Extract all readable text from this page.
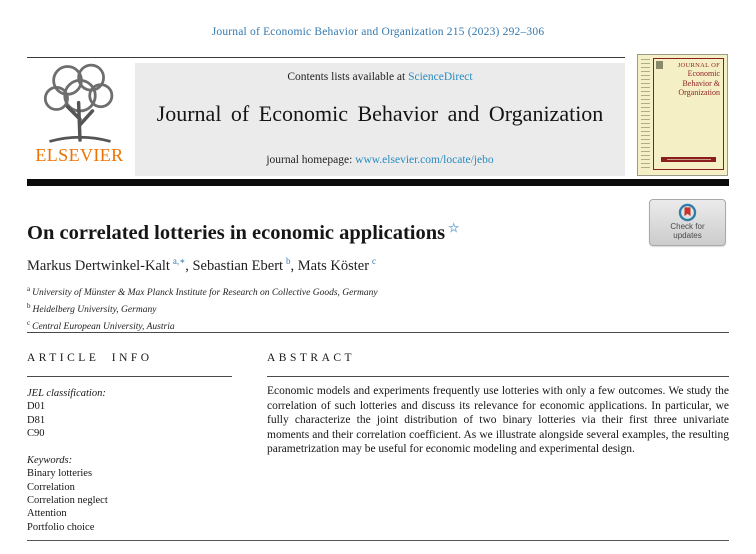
Journal of Economic Behavior and Organization 215 (2023) 292–306
ELSEVIER
Contents lists available at ScienceDirect
Journal of Economic Behavior and Organization
journal homepage: www.elsevier.com/locate/jebo
JOURNAL OF
Economic
Behavior &
Organization
Check for
updates
On correlated lotteries in economic applications ☆
Markus Dertwinkel-Kalt  $^{a,∗}$, Sebastian Ebert  $^b$, Mats Köster  $^c$
$^a$ University of Münster & Max Planck Institute for Research on Collective Goods, Germany
$^b$ Heidelberg University, Germany
$^c$ Central European University, Austria
ARTICLE INFO	ABSTRACT
JEL classification:
D01
D81
C90
Keywords:
Binary lotteries
Correlation
Correlation neglect
Attention
Portfolio choice

Economic models and experiments frequently use lotteries with only a few outcomes. We study the correlation of such lotteries and discuss its relevance for economic applications. In particular, we fully characterize the joint distribution of two binary lotteries via their first three univariate moments and their correlation coefficient. As we illustrate alongside several examples, the resulting parametrization may be useful for economic modeling and experimental design.
